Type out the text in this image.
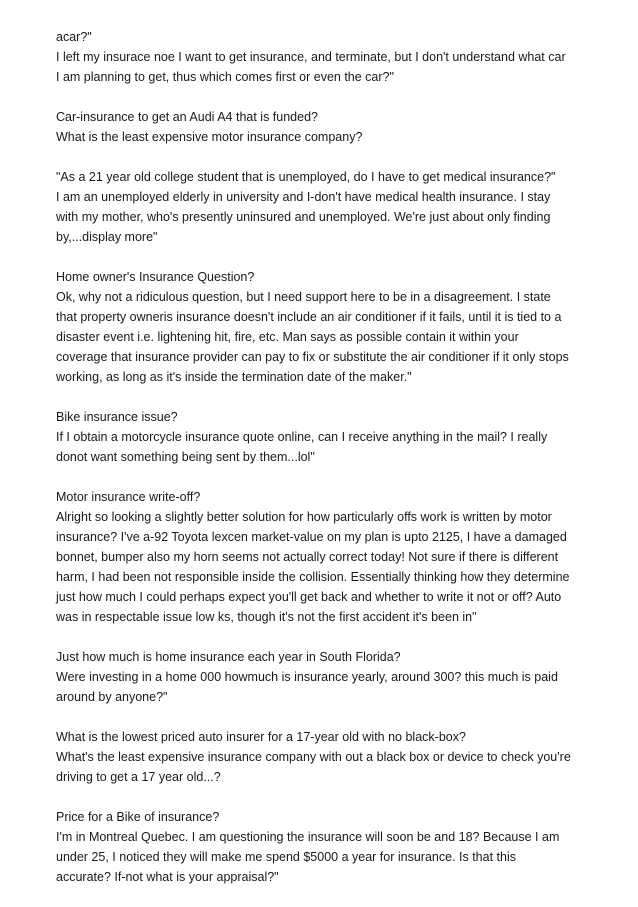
acar?"
I left my insurace noe I want to get insurance, and terminate, but I don't understand what car
I am planning to get, thus which comes first or even the car?"
Car-insurance to get an Audi A4 that is funded?
What is the least expensive motor insurance company?
"As a 21 year old college student that is unemployed, do I have to get medical insurance?"
I am an unemployed elderly in university and I-don't have medical health insurance. I stay
with my mother, who's presently uninsured and unemployed. We're just about only finding
by,...display more"
Home owner's Insurance Question?
Ok, why not a ridiculous question, but I need support here to be in a disagreement. I state
that property owneris insurance doesn't include an air conditioner if it fails, until it is tied to a
disaster event i.e. lightening hit, fire, etc. Man says as possible contain it within your
coverage that insurance provider can pay to fix or substitute the air conditioner if it only stops
working, as long as it's inside the termination date of the maker."
Bike insurance issue?
If I obtain a motorcycle insurance quote online, can I receive anything in the mail? I really
donot want something being sent by them...lol"
Motor insurance write-off?
Alright so looking a slightly better solution for how particularly offs work is written by motor
insurance? I've a-92 Toyota lexcen market-value on my plan is upto 2125, I have a damaged
bonnet, bumper also my horn seems not actually correct today! Not sure if there is different
harm, I had been not responsible inside the collision. Essentially thinking how they determine
just how much I could perhaps expect you'll get back and whether to write it not or off? Auto
was in respectable issue low ks, though it's not the first accident it's been in"
Just how much is home insurance each year in South Florida?
Were investing in a home 000 howmuch is insurance yearly, around 300? this much is paid
around by anyone?"
What is the lowest priced auto insurer for a 17-year old with no black-box?
What's the least expensive insurance company with out a black box or device to check you're
driving to get a 17 year old...?
Price for a Bike of insurance?
I'm in Montreal Quebec. I am questioning the insurance will soon be and 18? Because I am
under 25, I noticed they will make me spend $5000 a year for insurance. Is that this
accurate? If-not what is your appraisal?"
